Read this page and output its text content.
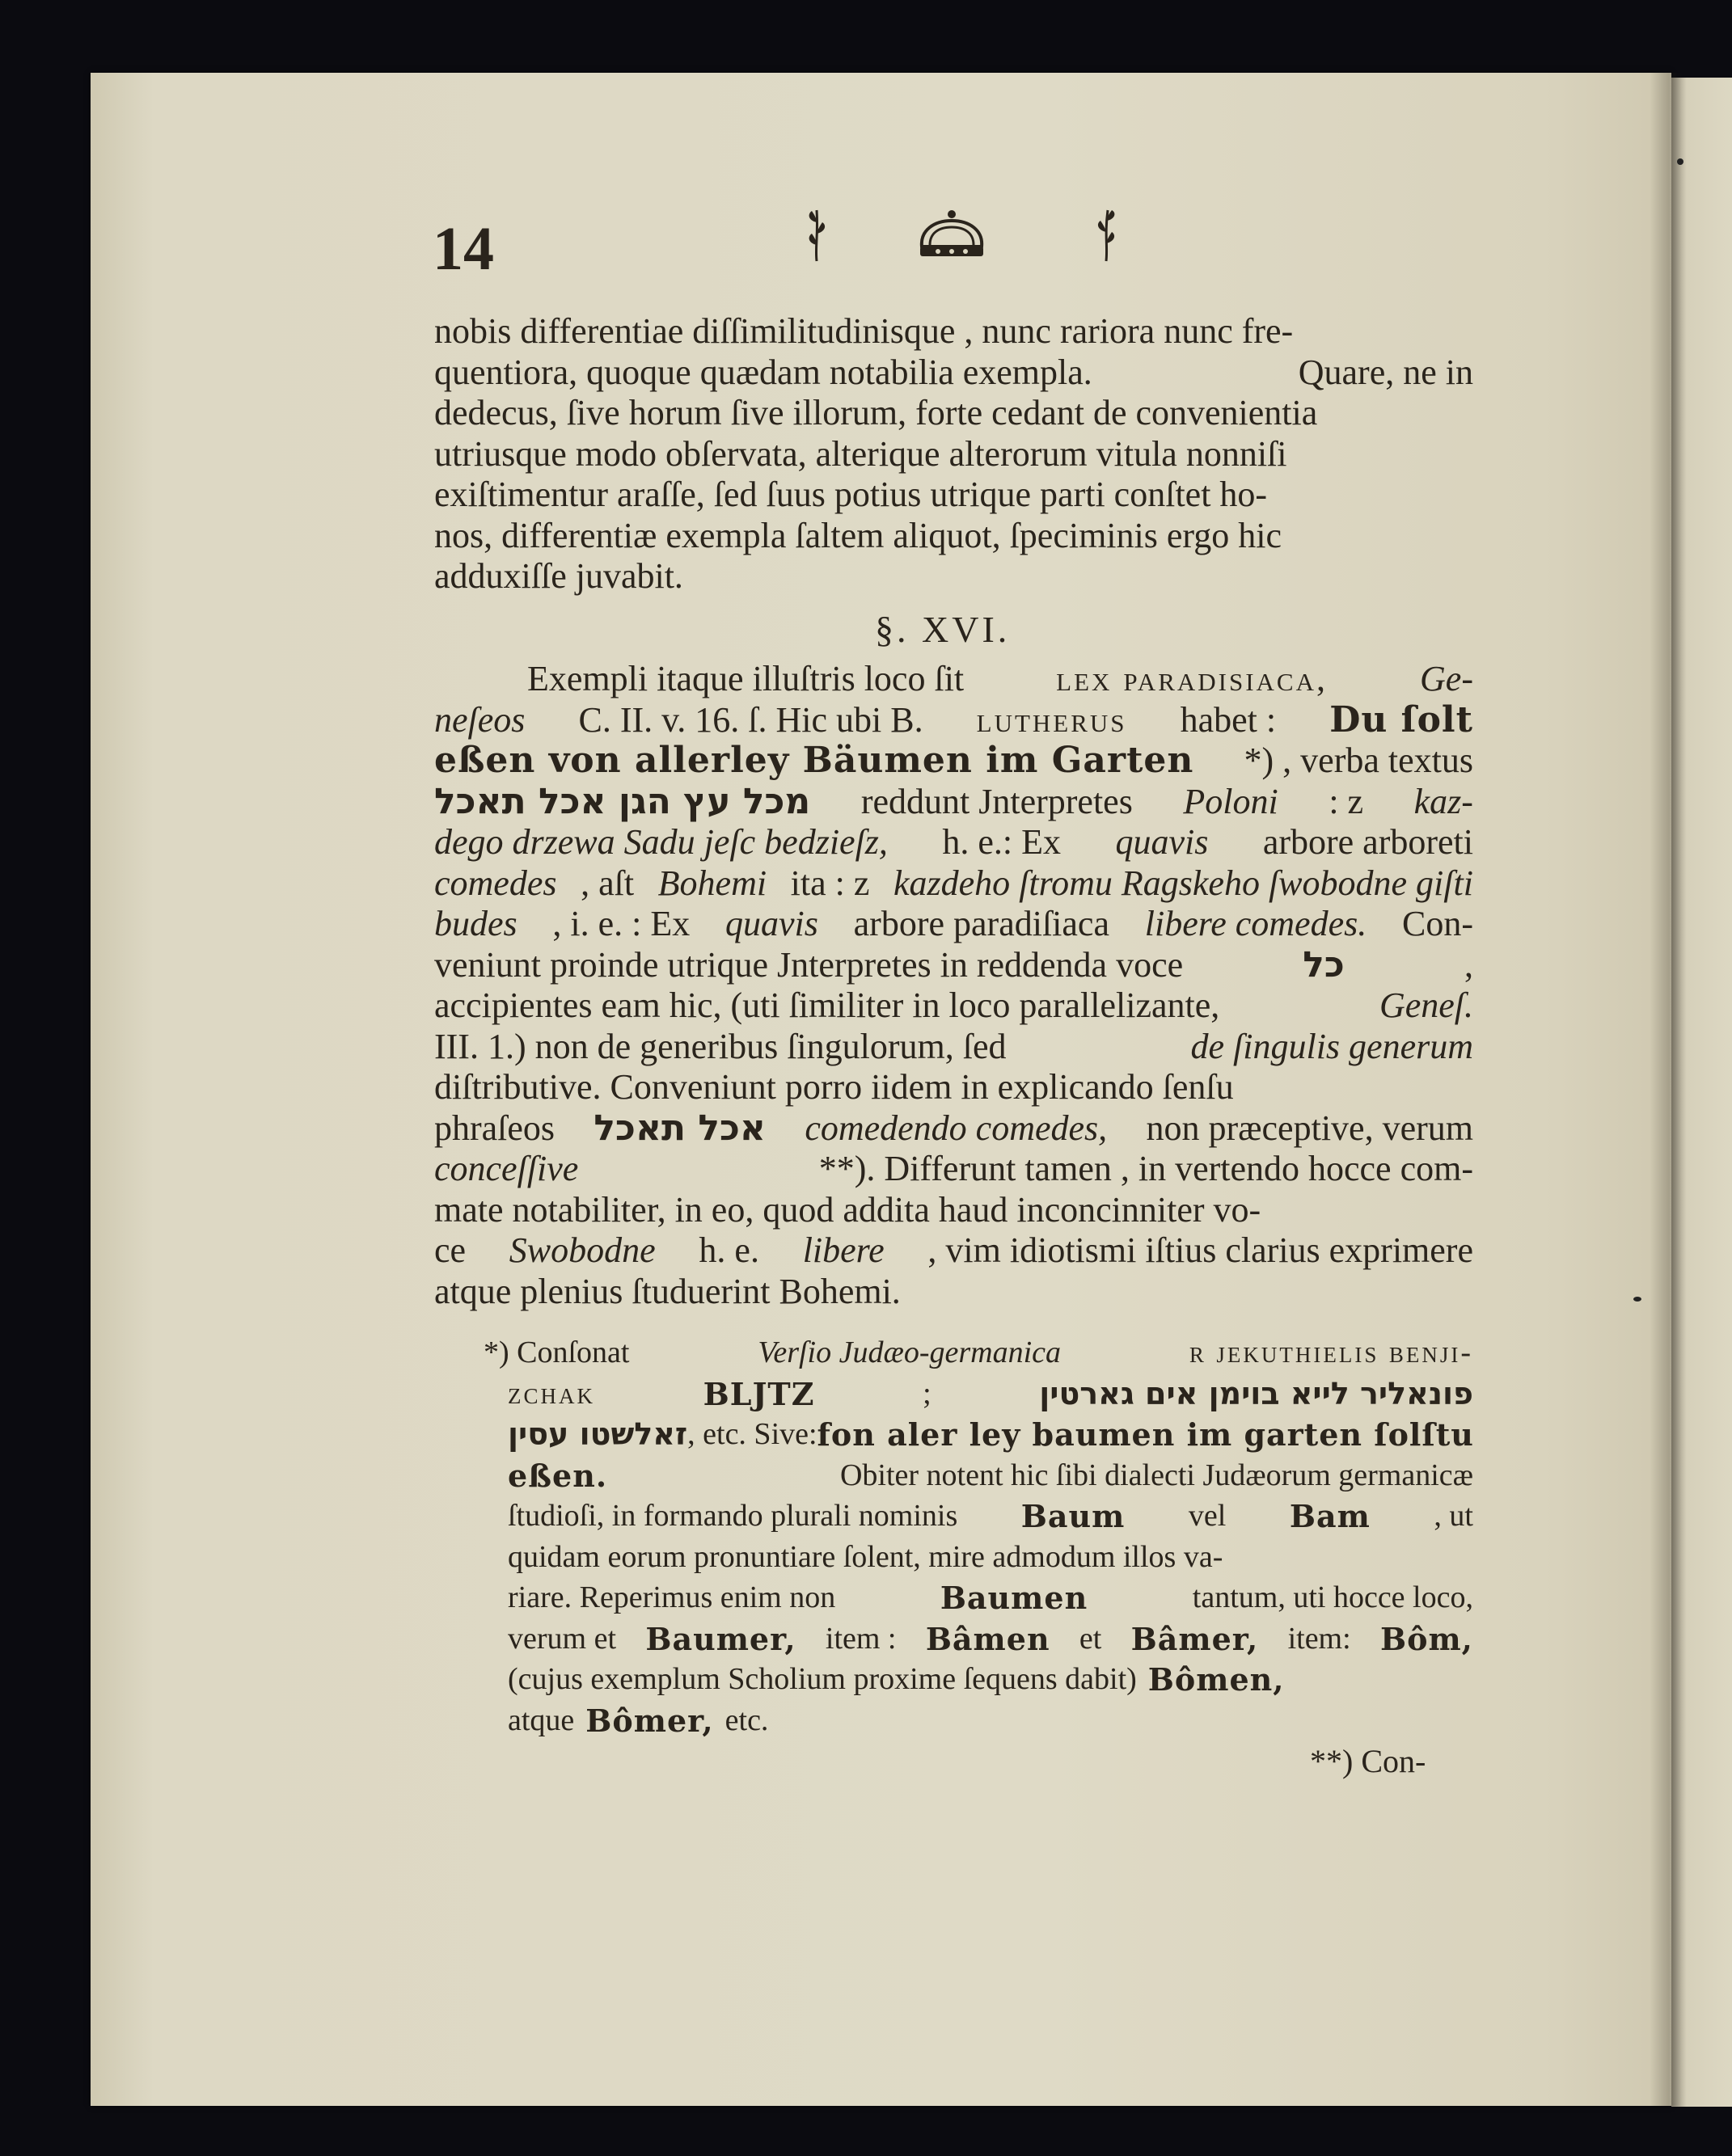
14
nobis differentiae diſſimilitudinisque , nunc rariora nunc fre-
quentiora, quoque quædam notabilia exempla.	Quare, ne in
dedecus, ſive horum ſive illorum, forte cedant de convenientia
utriusque modo obſervata, alterique alterorum vitula nonniſi
exiſtimentur araſſe, ſed ſuus potius utrique parti conſtet ho-
nos, differentiæ exempla ſaltem aliquot, ſpeciminis ergo hic
adduxiſſe juvabit.
§. XVI.
Exempli itaque illuſtris loco ſit	lex paradisiaca,	Ge-
neſeos C. II. v. 16. ſ. Hic ubi B. lutherus habet : Du ſolt
eßen von allerley Bäumen im Garten *) , verba textus
מכל עץ הגן אכל תאכל reddunt Jnterpretes Poloni : z kaz-
dego drzewa Sadu jeſc bedzieſz, h. e.: Ex quavis arbore arboreti
comedes , aſt Bohemi ita : z kazdeho ſtromu Ragskeho ſwobodne giſti
budes , i. e. : Ex quavis arbore paradiſiaca libere comedes. Con-
veniunt proinde utrique Jnterpretes in reddenda voce	כל	,
accipientes eam hic, (uti ſimiliter in loco parallelizante,	Geneſ.
III. 1.) non de generibus ſingulorum, ſed	de ſingulis generum
diſtributive. Conveniunt porro iidem in explicando ſenſu
phraſeos אכל תאכל comedendo comedes, non præceptive, verum
conceſſive	**). Differunt tamen , in vertendo hocce com-
mate notabiliter, in eo, quod addita haud inconcinniter vo-
ce Swobodne h. e. libere , vim idiotismi iſtius clarius exprimere
atque plenius ſtuduerint Bohemi.
*) Conſonat	Verſio Judæo-germanica	r jekuthielis benji-
zchak	BLJTZ	;	פונאליר לייא בוימן אים גארטין
זאלשטו עסין , etc. Sive: fon aler ley baumen im garten ſolſtu
eßen.	Obiter notent hic ſibi dialecti Judæorum germanicæ
ſtudioſi, in formando plurali nominis Baum vel Bam , ut
quidam eorum pronuntiare ſolent, mire admodum illos va-
riare. Reperimus enim non	Baumen	tantum, uti hocce loco,
verum et Baumer, item : Bâmen et Bâmer, item: Bôm,
(cujus exemplum Scholium proxime ſequens dabit) Bômen,
atque Bômer, etc.
**) Con-
